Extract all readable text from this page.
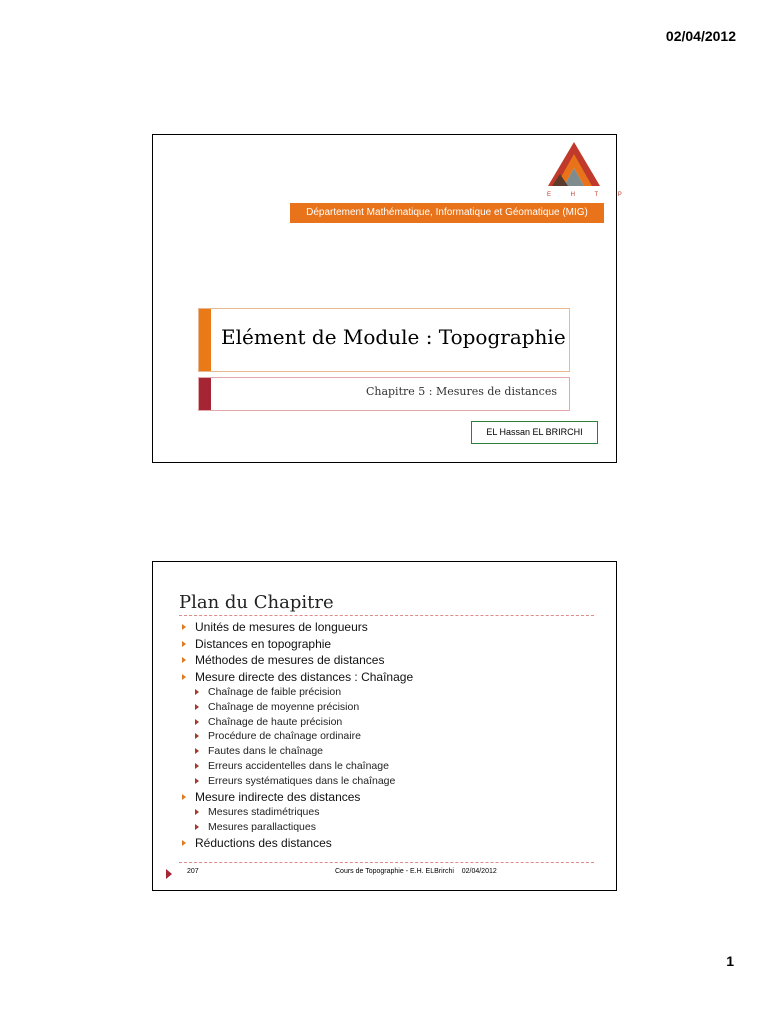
02/04/2012
E H T P
Département Mathématique, Informatique et Géomatique (MIG)
Elément de Module : Topographie
Chapitre 5 : Mesures de distances
EL Hassan EL BRIRCHI
Plan du Chapitre
Unités de mesures de longueurs
Distances en topographie
Méthodes de mesures de distances
Mesure directe des distances : Chaînage
Chaînage de faible précision
Chaînage de moyenne précision
Chaînage de haute précision
Procédure de chaînage ordinaire
Fautes dans le chaînage
Erreurs accidentelles dans le chaînage
Erreurs systématiques dans le chaînage
Mesure indirecte des distances
Mesures stadimétriques
Mesures parallactiques
Réductions des distances
207	Cours de Topographie - E.H. ELBrirchi 02/04/2012
1
